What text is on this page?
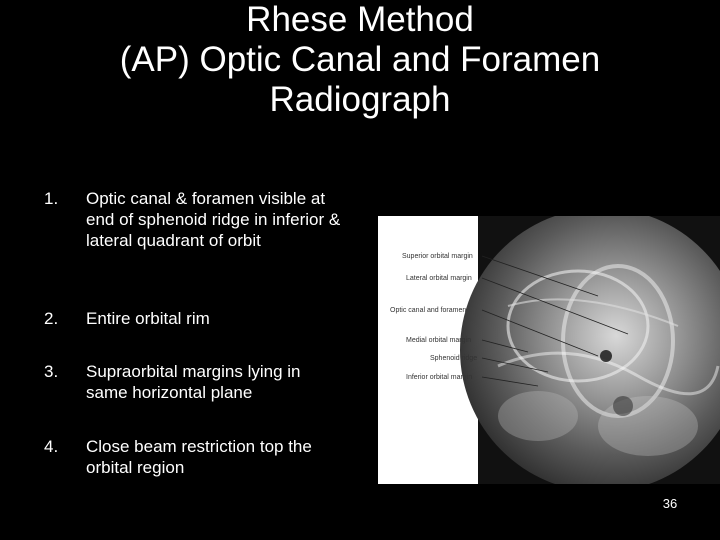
Rhese Method
(AP) Optic Canal and Foramen
Radiograph
1.	Optic canal & foramen visible at end of sphenoid ridge in inferior & lateral quadrant of orbit
2.	Entire orbital rim
3.	Supraorbital margins lying in same horizontal plane
4.	Close beam restriction top the orbital region
Superior orbital margin
Lateral orbital margin
Optic canal and foramen
Medial orbital margin
Sphenoid ridge
Inferior orbital margin
36
